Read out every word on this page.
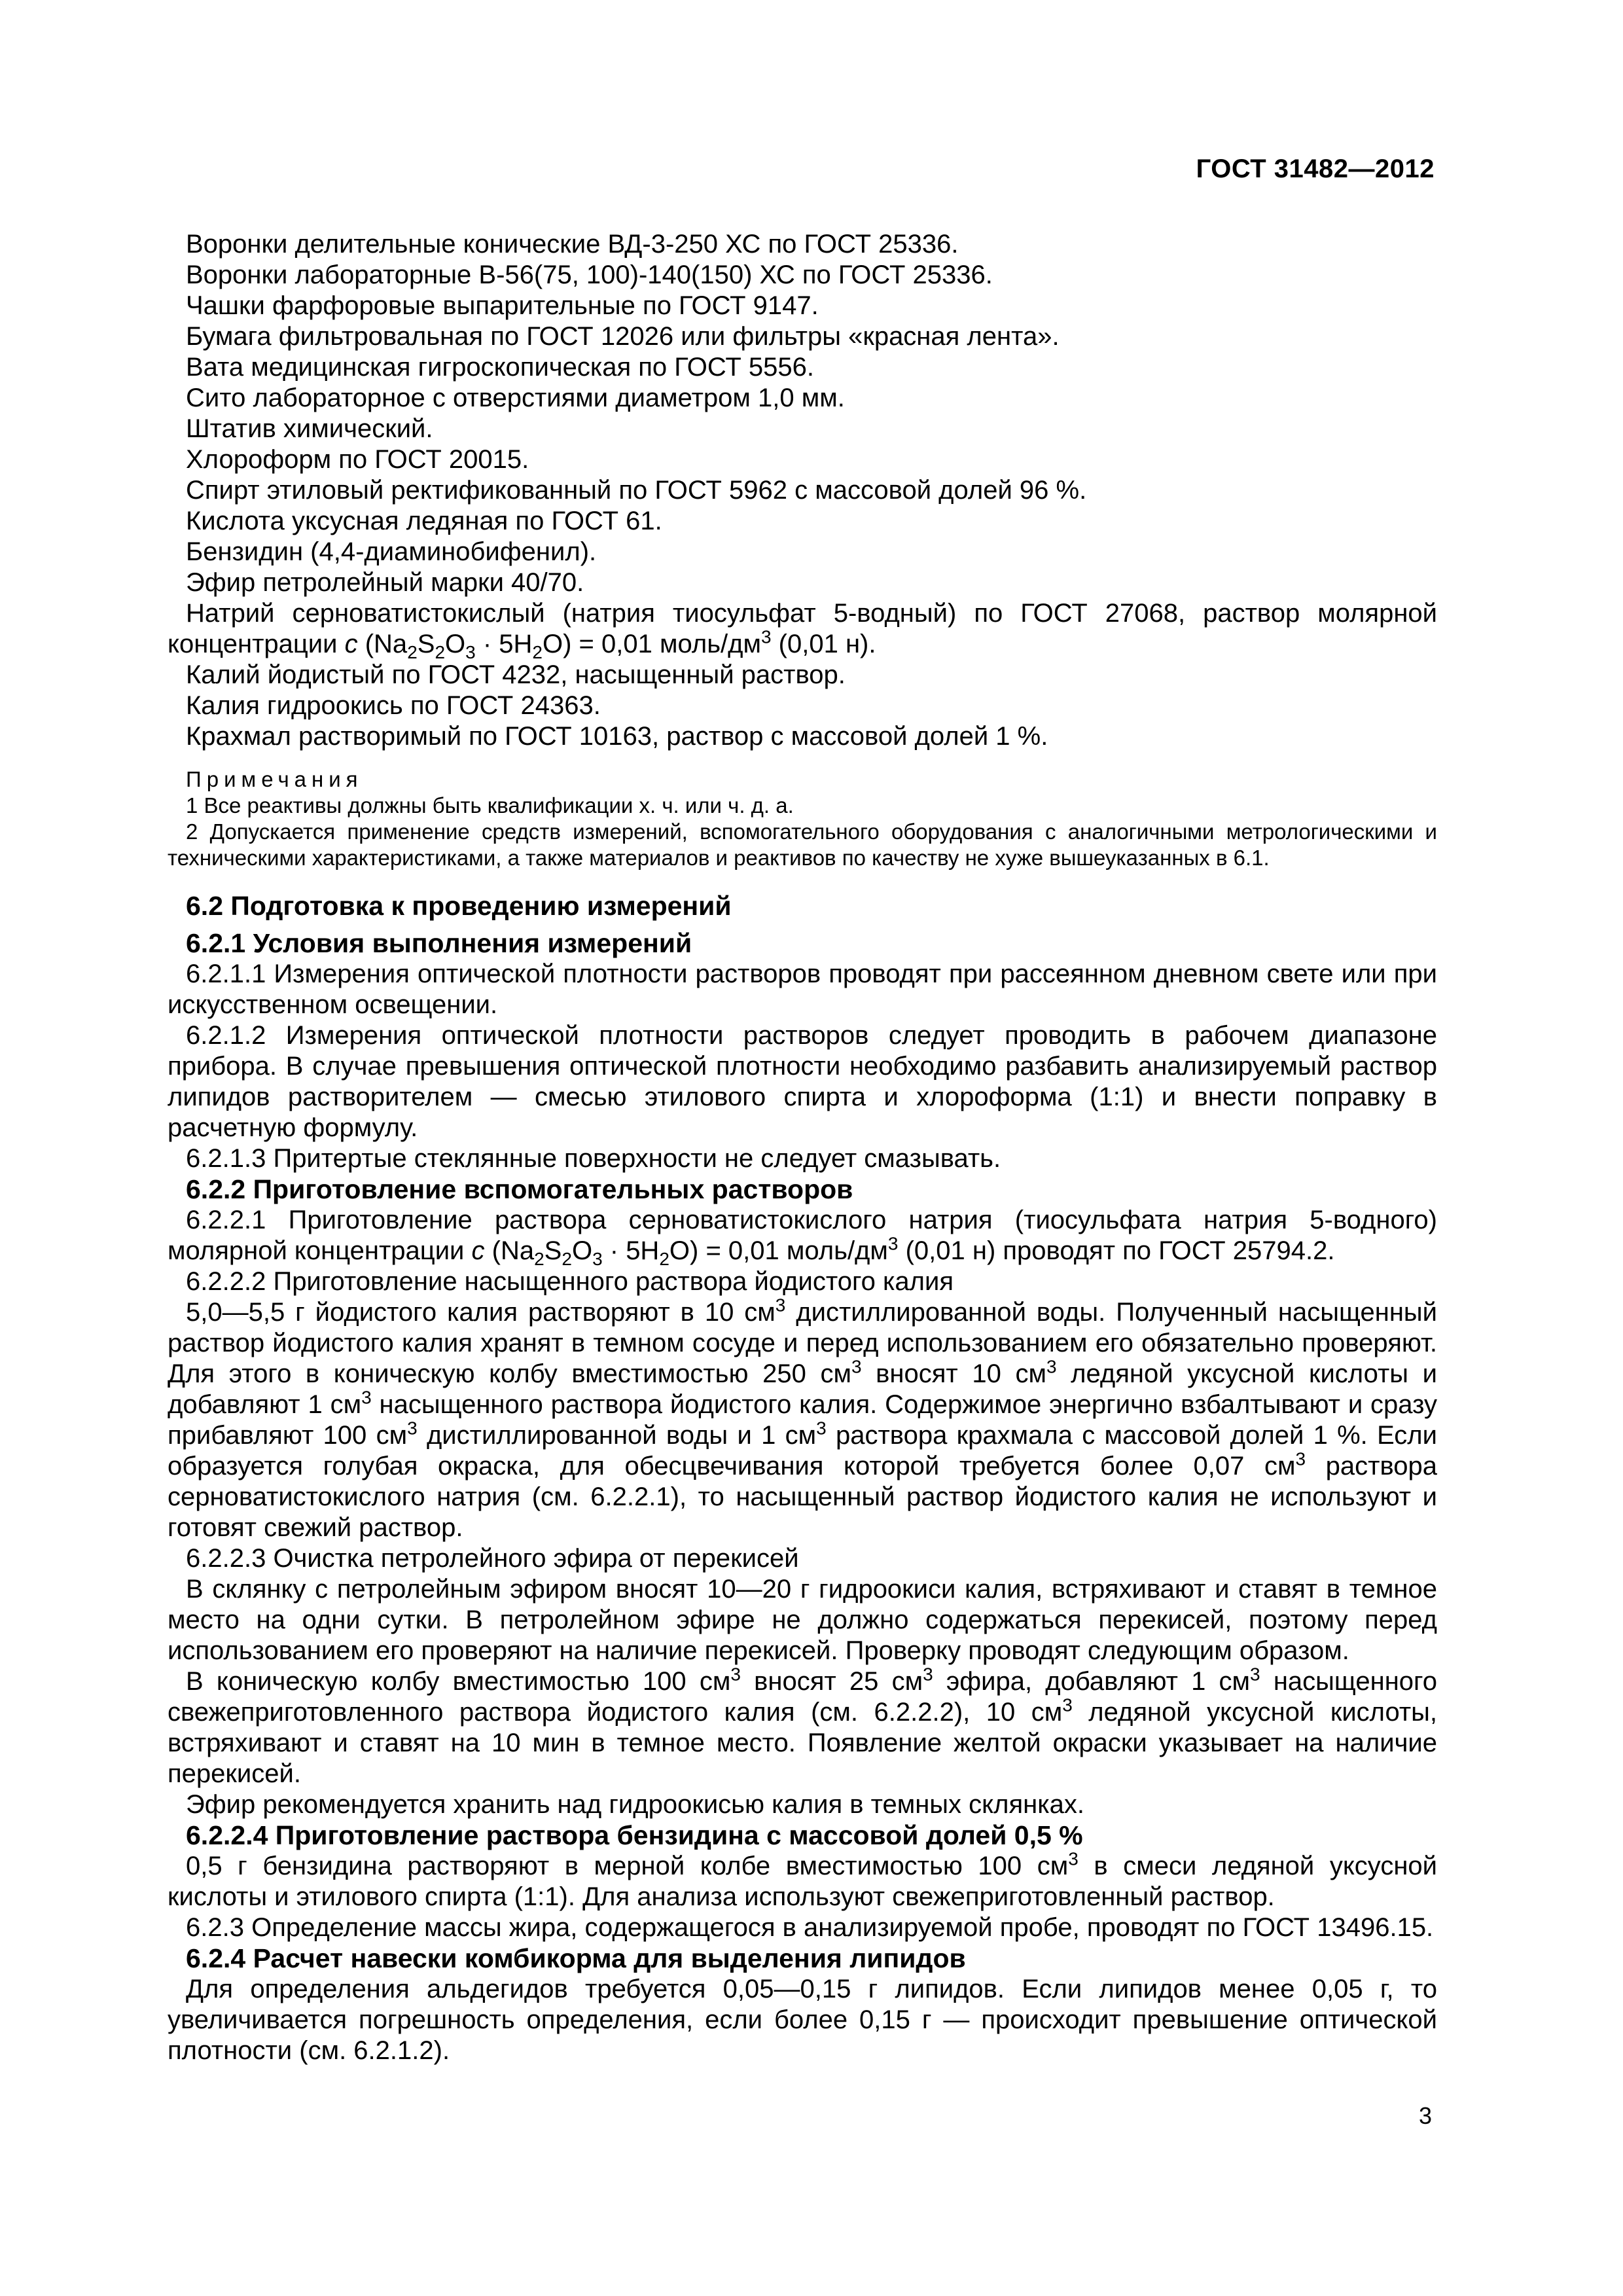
ГОСТ 31482—2012
Воронки делительные конические ВД-3-250 ХС по ГОСТ 25336.
Воронки лабораторные В-56(75, 100)-140(150) ХС по ГОСТ 25336.
Чашки фарфоровые выпарительные по ГОСТ 9147.
Бумага фильтровальная по ГОСТ 12026 или фильтры «красная лента».
Вата медицинская гигроскопическая по ГОСТ 5556.
Сито лабораторное с отверстиями диаметром 1,0 мм.
Штатив химический.
Хлороформ по ГОСТ 20015.
Спирт этиловый ректификованный по ГОСТ 5962 с массовой долей 96 %.
Кислота уксусная ледяная по ГОСТ 61.
Бензидин (4,4-диаминобифенил).
Эфир петролейный марки 40/70.

Натрий серноватистокислый (натрия тиосульфат 5-водный) по ГОСТ 27068, раствор молярной концентрации c $(Na_2S_2O_3 \cdot 5H_2O) = 0,01$ моль/$дм^3$ (0,01 н).

Калий йодистый по ГОСТ 4232, насыщенный раствор.
Калия гидроокись по ГОСТ 24363.
Крахмал растворимый по ГОСТ 10163, раствор с массовой долей 1 %.
Примечания
1 Все реактивы должны быть квалификации х. ч. или ч. д. а.
2 Допускается применение средств измерений, вспомогательного оборудования с аналогичными метрологическими и техническими характеристиками, а также материалов и реактивов по качеству не хуже вышеуказанных в 6.1.
6.2 Подготовка к проведению измерений
6.2.1 Условия выполнения измерений

6.2.1.1 Измерения оптической плотности растворов проводят при рассеянном дневном свете или при искусственном освещении.

6.2.1.2 Измерения оптической плотности растворов следует проводить в рабочем диапазоне прибора. В случае превышения оптической плотности необходимо разбавить анализируемый раствор липидов растворителем — смесью этилового спирта и хлороформа (1:1) и внести поправку в расчетную формулу.

6.2.1.3 Притертые стеклянные поверхности не следует смазывать.

6.2.2 Приготовление вспомогательных растворов

6.2.2.1 Приготовление раствора серноватистокислого натрия (тиосульфата натрия 5-водного) молярной концентрации c $(Na_2S_2O_3 \cdot 5H_2O) = 0,01$ моль/$дм^3$ (0,01 н) проводят по ГОСТ 25794.2.

6.2.2.2 Приготовление насыщенного раствора йодистого калия

5,0—5,5 г йодистого калия растворяют в 10 $см^3$ дистиллированной воды. Полученный насыщенный раствор йодистого калия хранят в темном сосуде и перед использованием его обязательно проверяют. Для этого в коническую колбу вместимостью 250 $см^3$ вносят 10 $см^3$ ледяной уксусной кислоты и добавляют 1 $см^3$ насыщенного раствора йодистого калия. Содержимое энергично взбалтывают и сразу прибавляют 100 $см^3$ дистиллированной воды и 1 $см^3$ раствора крахмала с массовой долей 1 %. Если образуется голубая окраска, для обесцвечивания которой требуется более 0,07 $см^3$ раствора серноватистокислого натрия (см. 6.2.2.1), то насыщенный раствор йодистого калия не используют и готовят свежий раствор.

6.2.2.3 Очистка петролейного эфира от перекисей

В склянку с петролейным эфиром вносят 10—20 г гидроокиси калия, встряхивают и ставят в темное место на одни сутки. В петролейном эфире не должно содержаться перекисей, поэтому перед использованием его проверяют на наличие перекисей. Проверку проводят следующим образом.

В коническую колбу вместимостью 100 $см^3$ вносят 25 $см^3$ эфира, добавляют 1 $см^3$ насыщенного свежеприготовленного раствора йодистого калия (см. 6.2.2.2), 10 $см^3$ ледяной уксусной кислоты, встряхивают и ставят на 10 мин в темное место. Появление желтой окраски указывает на наличие перекисей.

Эфир рекомендуется хранить над гидроокисью калия в темных склянках.

6.2.2.4 Приготовление раствора бензидина с массовой долей 0,5 %

0,5 г бензидина растворяют в мерной колбе вместимостью 100 $см^3$ в смеси ледяной уксусной кислоты и этилового спирта (1:1). Для анализа используют свежеприготовленный раствор.

6.2.3 Определение массы жира, содержащегося в анализируемой пробе, проводят по ГОСТ 13496.15.

6.2.4 Расчет навески комбикорма для выделения липидов

Для определения альдегидов требуется 0,05—0,15 г липидов. Если липидов менее 0,05 г, то увеличивается погрешность определения, если более 0,15 г — происходит превышение оптической плотности (см. 6.2.1.2).

3
